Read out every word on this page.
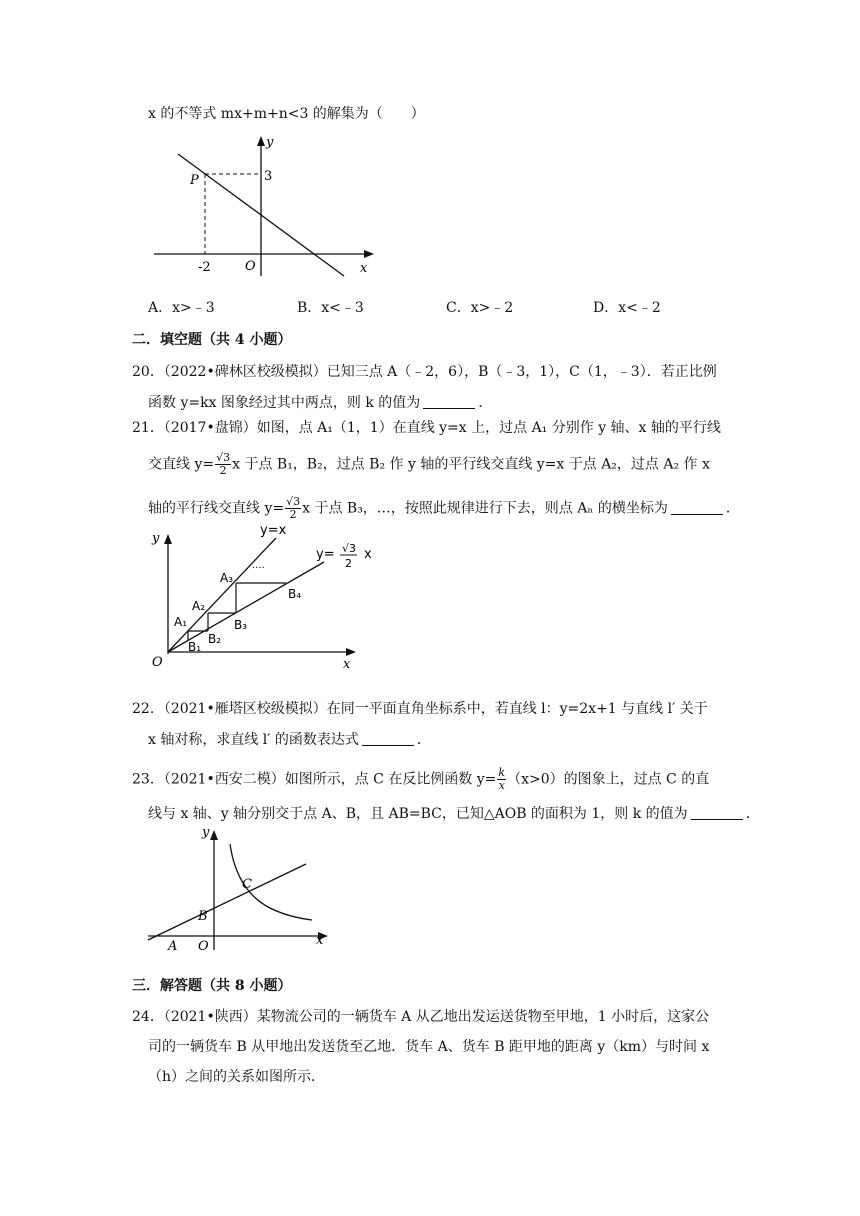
x 的不等式 mx+m+n<3 的解集为（　　）
y
x
P	3
-2	O
A．x>﹣3	B．x<﹣3	C．x>﹣2	D．x<﹣2
二．填空题（共 4 小题）
20．（2022•碑林区校级模拟）已知三点 A（﹣2，6），B（﹣3，1），C（1，﹣3）．若正比例
函数 y=kx 图象经过其中两点，则 k 的值为	．
21．（2017•盘锦）如图，点 A₁（1，1）在直线 y=x 上，过点 A₁ 分别作 y 轴、x 轴的平行线
交直线 $y= \frac{√3}{2}$ x 于点 B₁，B₂，过点 B₂ 作 y 轴的平行线交直线 y=x 于点 A₂，过点 A₂ 作 x
轴的平行线交直线 $y= \frac{√3}{2}$ x 于点 B₃，…，按照此规律进行下去，则点 Aₙ 的横坐标为	．
y
x
O
y=x
y= √3
2
x
A₁
A₂
A₃
B₁
B₂
B₃
B₄
....
22．（2021•雁塔区校级模拟）在同一平面直角坐标系中，若直线 l：y=2x+1 与直线 l′ 关于
x 轴对称，求直线 l′ 的函数表达式	．
23．（2021•西安二模）如图所示，点 C 在反比例函数 $y= \frac{k}{x} (x>0)$的图象上，过点 C 的直
线与 x 轴、y 轴分别交于点 A、B，且 AB=BC，已知△AOB 的面积为 1，则 k 的值为	．
y
x
O
A
B
C
三．解答题（共 8 小题）
24．（2021•陕西）某物流公司的一辆货车 A 从乙地出发运送货物至甲地，1 小时后，这家公
司的一辆货车 B 从甲地出发送货至乙地．货车 A、货车 B 距甲地的距离 y（km）与时间 x
（h）之间的关系如图所示．
